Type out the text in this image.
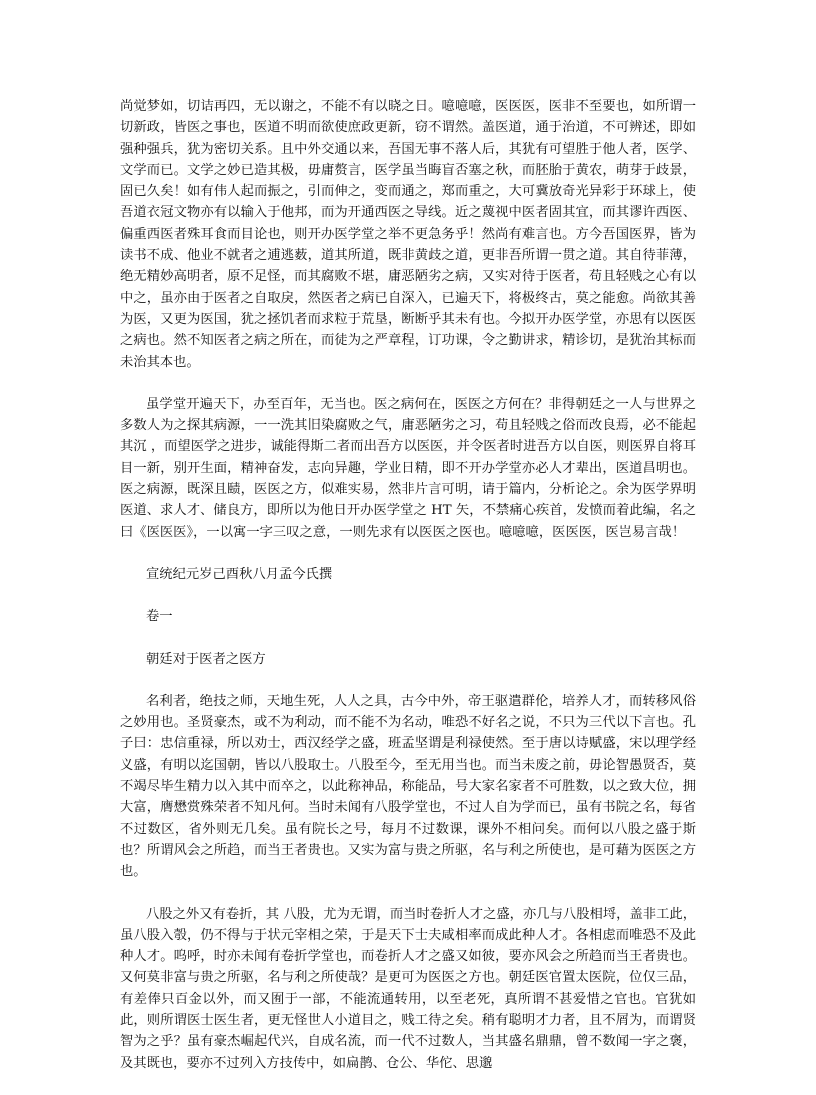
尚觉梦如，切诘再四，无以谢之，不能不有以晓之日。噫噫噫，医医医，医非不至要也，如所谓一切新政，皆医之事也，医道不明而欲使庶政更新，窃不谓然。盖医道，通于治道，不可辨述，即如强种强兵，犹为密切关系。且中外交通以来，吾国无事不落人后，其犹有可望胜于他人者，医学、文学而已。文学之妙已造其极，毋庸赘言，医学虽当晦盲否塞之秋，而胚胎于黄农，萌芽于歧景，固已久矣！如有伟人起而振之，引而伸之，变而通之，郑而重之，大可冀放奇光异彩于环球上，使吾道衣冠文物亦有以输入于他邦，而为开通西医之导线。近之蔑视中医者固其宜，而其谬许西医、偏重西医者殊耳食而目论也，则开办医学堂之举不更急务乎！然尚有难言也。方今吾国医界，皆为读书不成、他业不就者之逋逃薮，道其所道，既非黄歧之道，更非吾所谓一贯之道。其自待菲薄，绝无精妙高明者，原不足怪，而其腐败不堪，庸恶陋劣之病，又实对待于医者，苟且轻贱之心有以中之，虽亦由于医者之自取戾，然医者之病已自深入，已遍天下，将极终古，莫之能愈。尚欲其善为医，又更为医国，犹之拯饥者而求粒于荒垦，断断乎其未有也。今拟开办医学堂，亦思有以医医之病也。然不知医者之病之所在，而徒为之严章程，订功课，令之勤讲求，精诊切，是犹治其标而未治其本也。

虽学堂开遍天下，办至百年，无当也。医之病何在，医医之方何在？非得朝廷之一人与世界之多数人为之探其病源，一一洗其旧染腐败之气，庸恶陋劣之习，苟且轻贱之俗而改良焉，必不能起其沉 ，而望医学之进步，诚能得斯二者而出吾方以医医，并令医者时进吾方以自医，则医界自将耳目一新，别开生面，精神奋发，志向异趣，学业日精，即不开办学堂亦必人才辈出，医道昌明也。医之病源，既深且赜，医医之方，似难实易，然非片言可明，请于篇内，分析论之。余为医学界明医道、求人才、储良方，即所以为他日开办医学堂之 HT 矢，不禁痛心疾首，发愤而着此编，名之曰《医医医》，一以寓一字三叹之意，一则先求有以医医之医也。噫噫噫，医医医，医岂易言哉！

宣统纪元岁己酉秋八月孟今氏撰

卷一

朝廷对于医者之医方

名利者，绝技之师，天地生死，人人之具，古今中外，帝王驱遣群伦，培养人才，而转移风俗之妙用也。圣贤豪杰，或不为利动，而不能不为名动，唯恐不好名之说，不只为三代以下言也。孔子曰：忠信重禄，所以劝士，西汉经学之盛，班孟坚谓是利禄使然。至于唐以诗赋盛，宋以理学经义盛，有明以迄国朝，皆以八股取士。八股至今，至无用当也。而当未废之前，毋论智愚贤否，莫不竭尽毕生精力以入其中而卒之，以此称神品，称能品，号大家名家者不可胜数，以之致大位，拥大富，膺懋赏殊荣者不知凡何。当时未闻有八股学堂也，不过人自为学而已，虽有书院之名，每省不过数区，省外则无几矣。虽有院长之号，每月不过数课，课外不相问矣。而何以八股之盛于斯也？所谓风会之所趋，而当王者贵也。又实为富与贵之所驱，名与利之所使也，是可藉为医医之方也。

八股之外又有卷折，其 八股，尤为无谓，而当时卷折人才之盛，亦几与八股相埒，盖非工此，虽八股入彀，仍不得与于状元宰相之荣，于是天下士夫咸相率而成此种人才。各相虑而唯恐不及此种人才。呜呼，时亦未闻有卷折学堂也，而卷折人才之盛又如彼，要亦风会之所趋而当王者贵也。又何莫非富与贵之所驱，名与利之所使哉？是更可为医医之方也。朝廷医官置太医院，位仅三品，有差俸只百金以外，而又囿于一部，不能流通转用，以至老死，真所谓不甚爱惜之官也。官犹如此，则所谓医士医生者，更无怪世人小道目之，贱工待之矣。稍有聪明才力者，且不屑为，而谓贤智为之乎？虽有豪杰崛起代兴，自成名流，而一代不过数人，当其盛名鼎鼎，曾不数闻一字之褒，及其既也，要亦不过列入方技传中，如扁鹊、仓公、华佗、思邈
